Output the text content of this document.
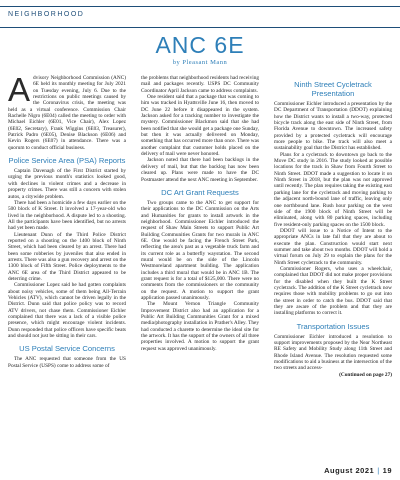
NEIGHBORHOOD
ANC 6E
by Pleasant Mann

Advisory Neighborhood Commission (ANC) 6E held its monthly meeting for July 2021 on Tuesday evening, July 6. Due to the restrictions on public meetings caused by the Coronavirus crisis, the meeting was held as a virtual conference. Commission Chair Rachelle Nigro (6E04) called the meeting to order with Michael Eichler (6E01, Vice Chair), Alex Lopez (6E02, Secretary), Frank Wiggins (6E03, Treasurer), Patrick Padro (6E05), Denise Blackson (6E06) and Kevin Rogers (6E07) in attendance. There was a quorum to conduct official business.

Police Service Area (PSA) Reports

Captain Davenagh of the First District started by urging the previous month's statistics looked good, with declines in violent crimes and a decrease in property crimes. There was still a concern with stolen autos, a citywide problem.

There had been a homicide a few days earlier on the 500 block of K Street. It involved a 17-year-old who lived in the neighborhood. A dispute led to a shooting. All the participants have been identified, but no arrests had yet been made.

Lieutenant Dunn of the Third Police District reported on a shooting on the 1400 block of Ninth Street, which had been cleared by an arrest. There had been some robberies by juveniles that also ended in arrests. There was also a gun recovery and arrest on the 1300 block of Fifth Street. Police deployments to the ANC 6E area of the Third District appeared to be deterring crime.

Commissioner Lopez said he had gotten complaints about noisy vehicles, some of them being All-Terrain Vehicles (ATV), which cannot be driven legally in the District. Dunn said that police policy was to record ATV drivers, not chase them. Commissioner Eichler complained that there was a lack of a visible police presence, which might encourage violent incidents. Dunn responded that police officers have specific beats and should not just be sitting in their cars.

US Postal Service Concerns

The ANC requested that someone from the US Postal Service (USPS) come to address some of

the problems that neighborhood residents had receiving mail and packages recently. USPS DC Community Coordinator April Jackson came to address complaints.

One resident said that a package that was coming to him was tracked in Hyattsville June 16, then moved to DC June 22 before it disappeared in the system. Jackson asked for a tracking number to investigate the mystery. Commissioner Blackmon said that she had been notified that she would get a package one Sunday, but then it was actually delivered on Monday, something that has occurred more than once. There was another complaint that customer holds placed on the delivery of mail were never honored.

Jackson noted that there had been backlogs in the delivery of mail, but that the backlog has now been cleared up. Plans were made to have the DC Postmaster attend the next ANC meeting in September.

DC Art Grant Requests

Two groups came to the ANC to get support for their applications to the DC Commission on the Arts and Humanities for grants to install artwork in the neighborhood. Commissioner Eichler introduced the request of Shaw Main Streets to support Public Art Building Communities Grants for two murals in ANC 6E. One would be facing the French Street Park, reflecting the area's past as a vegetable truck farm and its current role as a butterfly waystation. The second mural would be on the side of the Lincoln Westmoreland apartment building. The application includes a third mural that would be in ANC 1B. The grant request is for a total of $125,000. There were no comments from the commissioners or the community on the request. A motion to support the grant application passed unanimously.

The Mount Vernon Triangle Community Improvement District also had an application for a Public Art Building Communities Grant for a mixed media/photography installation in Prather's Alley. They had conducted a charette to determine the ideal site for the artwork. It has the support of the owners of all three properties involved. A motion to support the grant request was approved unanimously.

Ninth Street Cycletrack Presentation

Commissioner Eichler introduced a presentation by the DC Department of Transportation (DDOT) explaining how the District wants to install a two-way, protected bicycle track along the east side of Ninth Street, from Florida Avenue to downtown. The increased safety provided by a protected cycletrack will encourage more people to bike. The track will also meet a sustainability goal that the District has established.

Plans for a cycletrack to downtown go back to the Move DC study in 2016. The study looked at possible locations for the track in Shaw from Fourth Street to Ninth Street. DDOT made a suggestion to locate it on Ninth Street in 2018, but the plan was not approved until recently. The plan requires taking the existing east parking lane for the cycletrack and moving parking to the adjacent north-bound lane of traffic, leaving only one northbound lane. Rush hour parking on the west side of the 1900 block of Ninth Street will be eliminated, along with 80 parking spaces, including five resident-only parking spaces on the 1500 block.

DDOT will issue to a Notice of Intent to the appropriate ANCs in late fall that they are about to execute the plan. Construction would start next summer and take about two months. DDOT will hold a virtual forum on July 29 to explain the plans for the Ninth Street cycletrack to the community.

Commissioner Rogers, who uses a wheelchair, complained that DDOT did not make proper provisions for the disabled when they built the K Street cycletrack. The addition of the K Street cycletrack now requires those with mobility problems to go out into the street in order to catch the bus. DDOT said that they are aware of the problem and that they are installing platforms to correct it.

Transportation Issues

Commissioner Eichler introduced a resolution to support improvements proposed by the Near Northeast RE Safety and Mobility Study along 11th Street and Rhode Island Avenue. The resolution requested some modifications to aid a business at the intersection of the two streets and access-

(Continued on page 27)

August 2021 | 19
